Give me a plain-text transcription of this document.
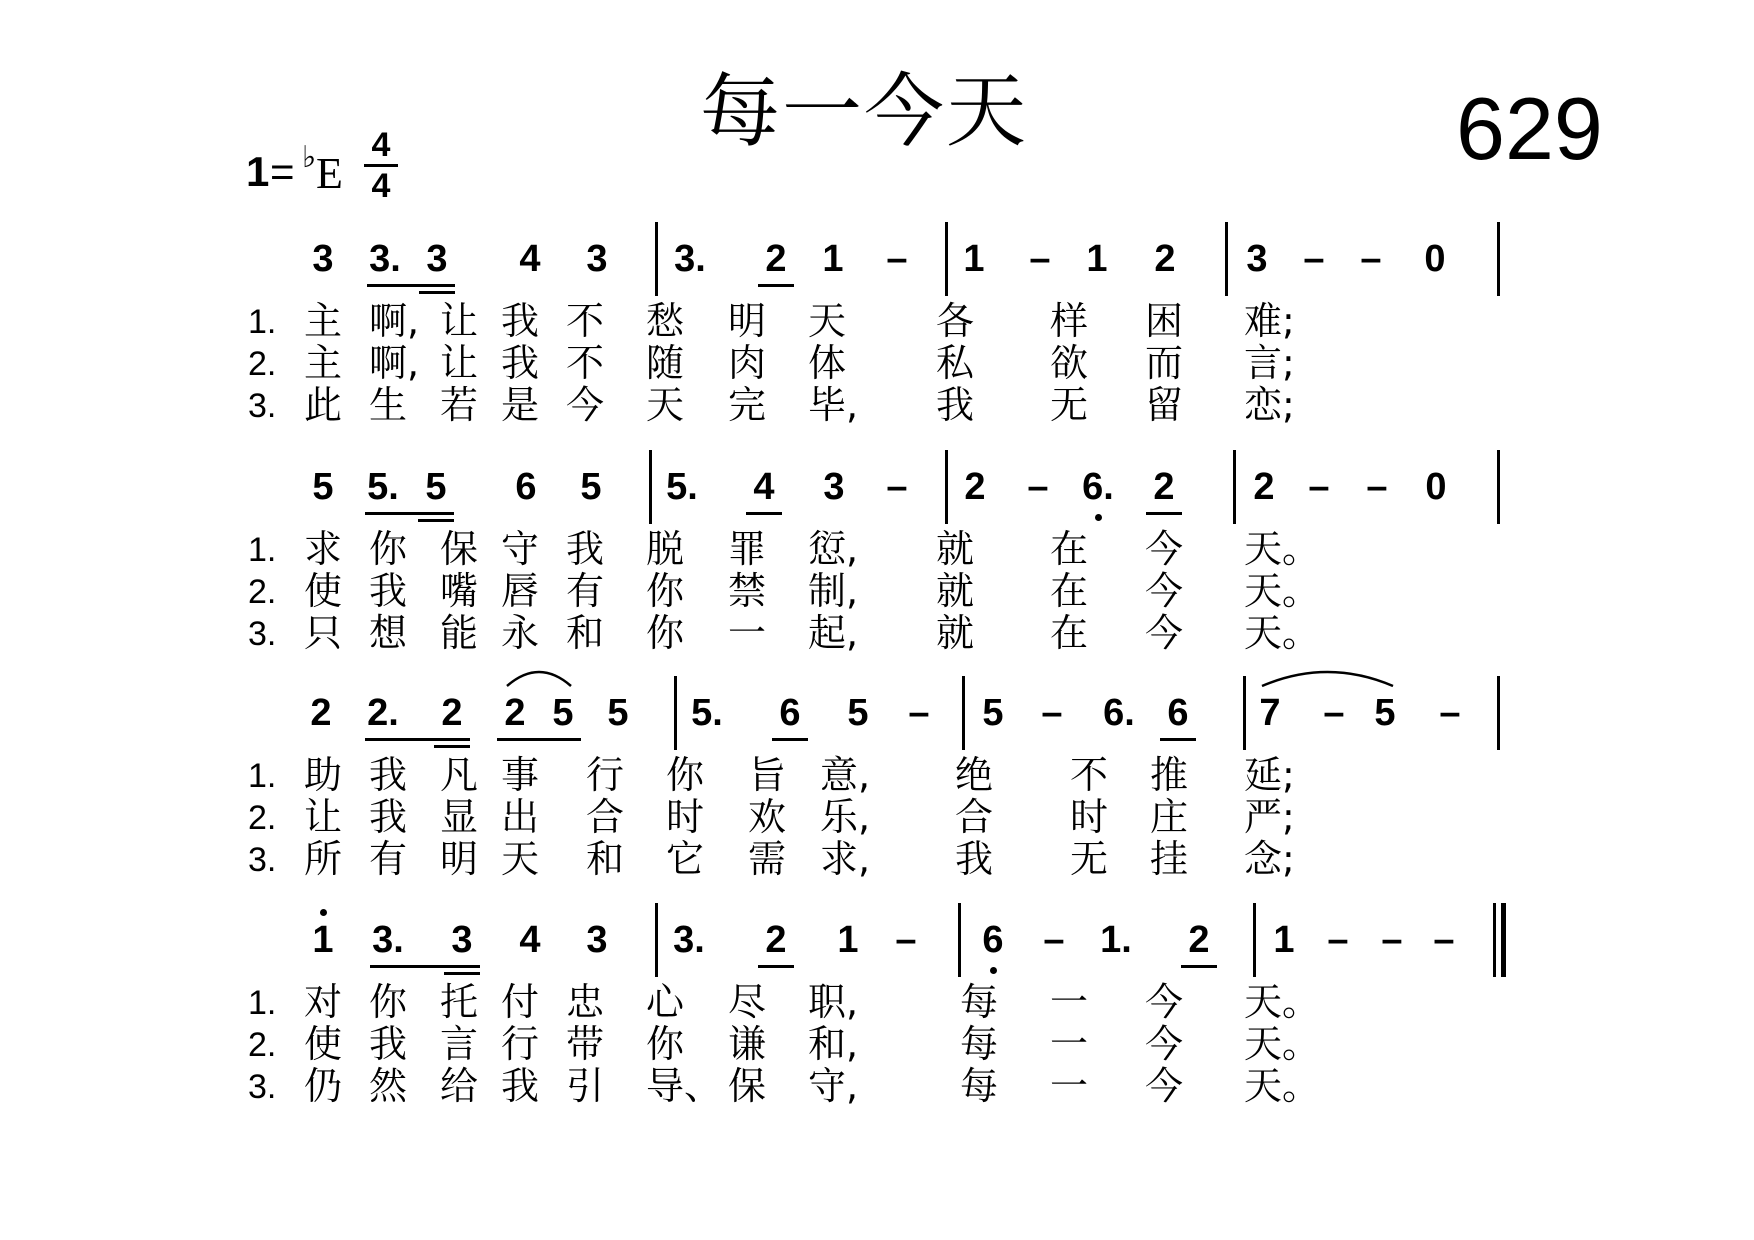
每一今天	629
1 = ♭ E
4
4
3 3. 3 4 3 3. 2 1 – 1 – 1 2 3 – – 0
1. 主 啊, 让 我 不 愁 明 天 各 样 困 难;
2. 主 啊, 让 我 不 随 肉 体 私 欲 而 言;
3. 此 生 若 是 今 天 完 毕, 我 无 留 恋;
5 5. 5 6 5 5. 4 3 – 2 – 6. 2 2 – – 0
1. 求 你 保 守 我 脱 罪 愆, 就 在 今 天。
2. 使 我 嘴 唇 有 你 禁 制, 就 在 今 天。
3. 只 想 能 永 和 你 一 起, 就 在 今 天。
2 2. 2 2 5 5 5. 6 5 – 5 – 6. 6 7 – 5 –
1. 助 我 凡 事 行 你 旨 意, 绝 不 推 延;
2. 让 我 显 出 合 时 欢 乐, 合 时 庄 严;
3. 所 有 明 天 和 它 需 求, 我 无 挂 念;
1 3. 3 4 3 3. 2 1 – 6 – 1. 2 1 – – –
1. 对 你 托 付 忠 心 尽 职,	每 一 今 天。
2. 使 我 言 行 带 你 谦 和,	每 一 今 天。
3. 仍 然 给 我 引 导、 保 守,	每 一 今 天。
